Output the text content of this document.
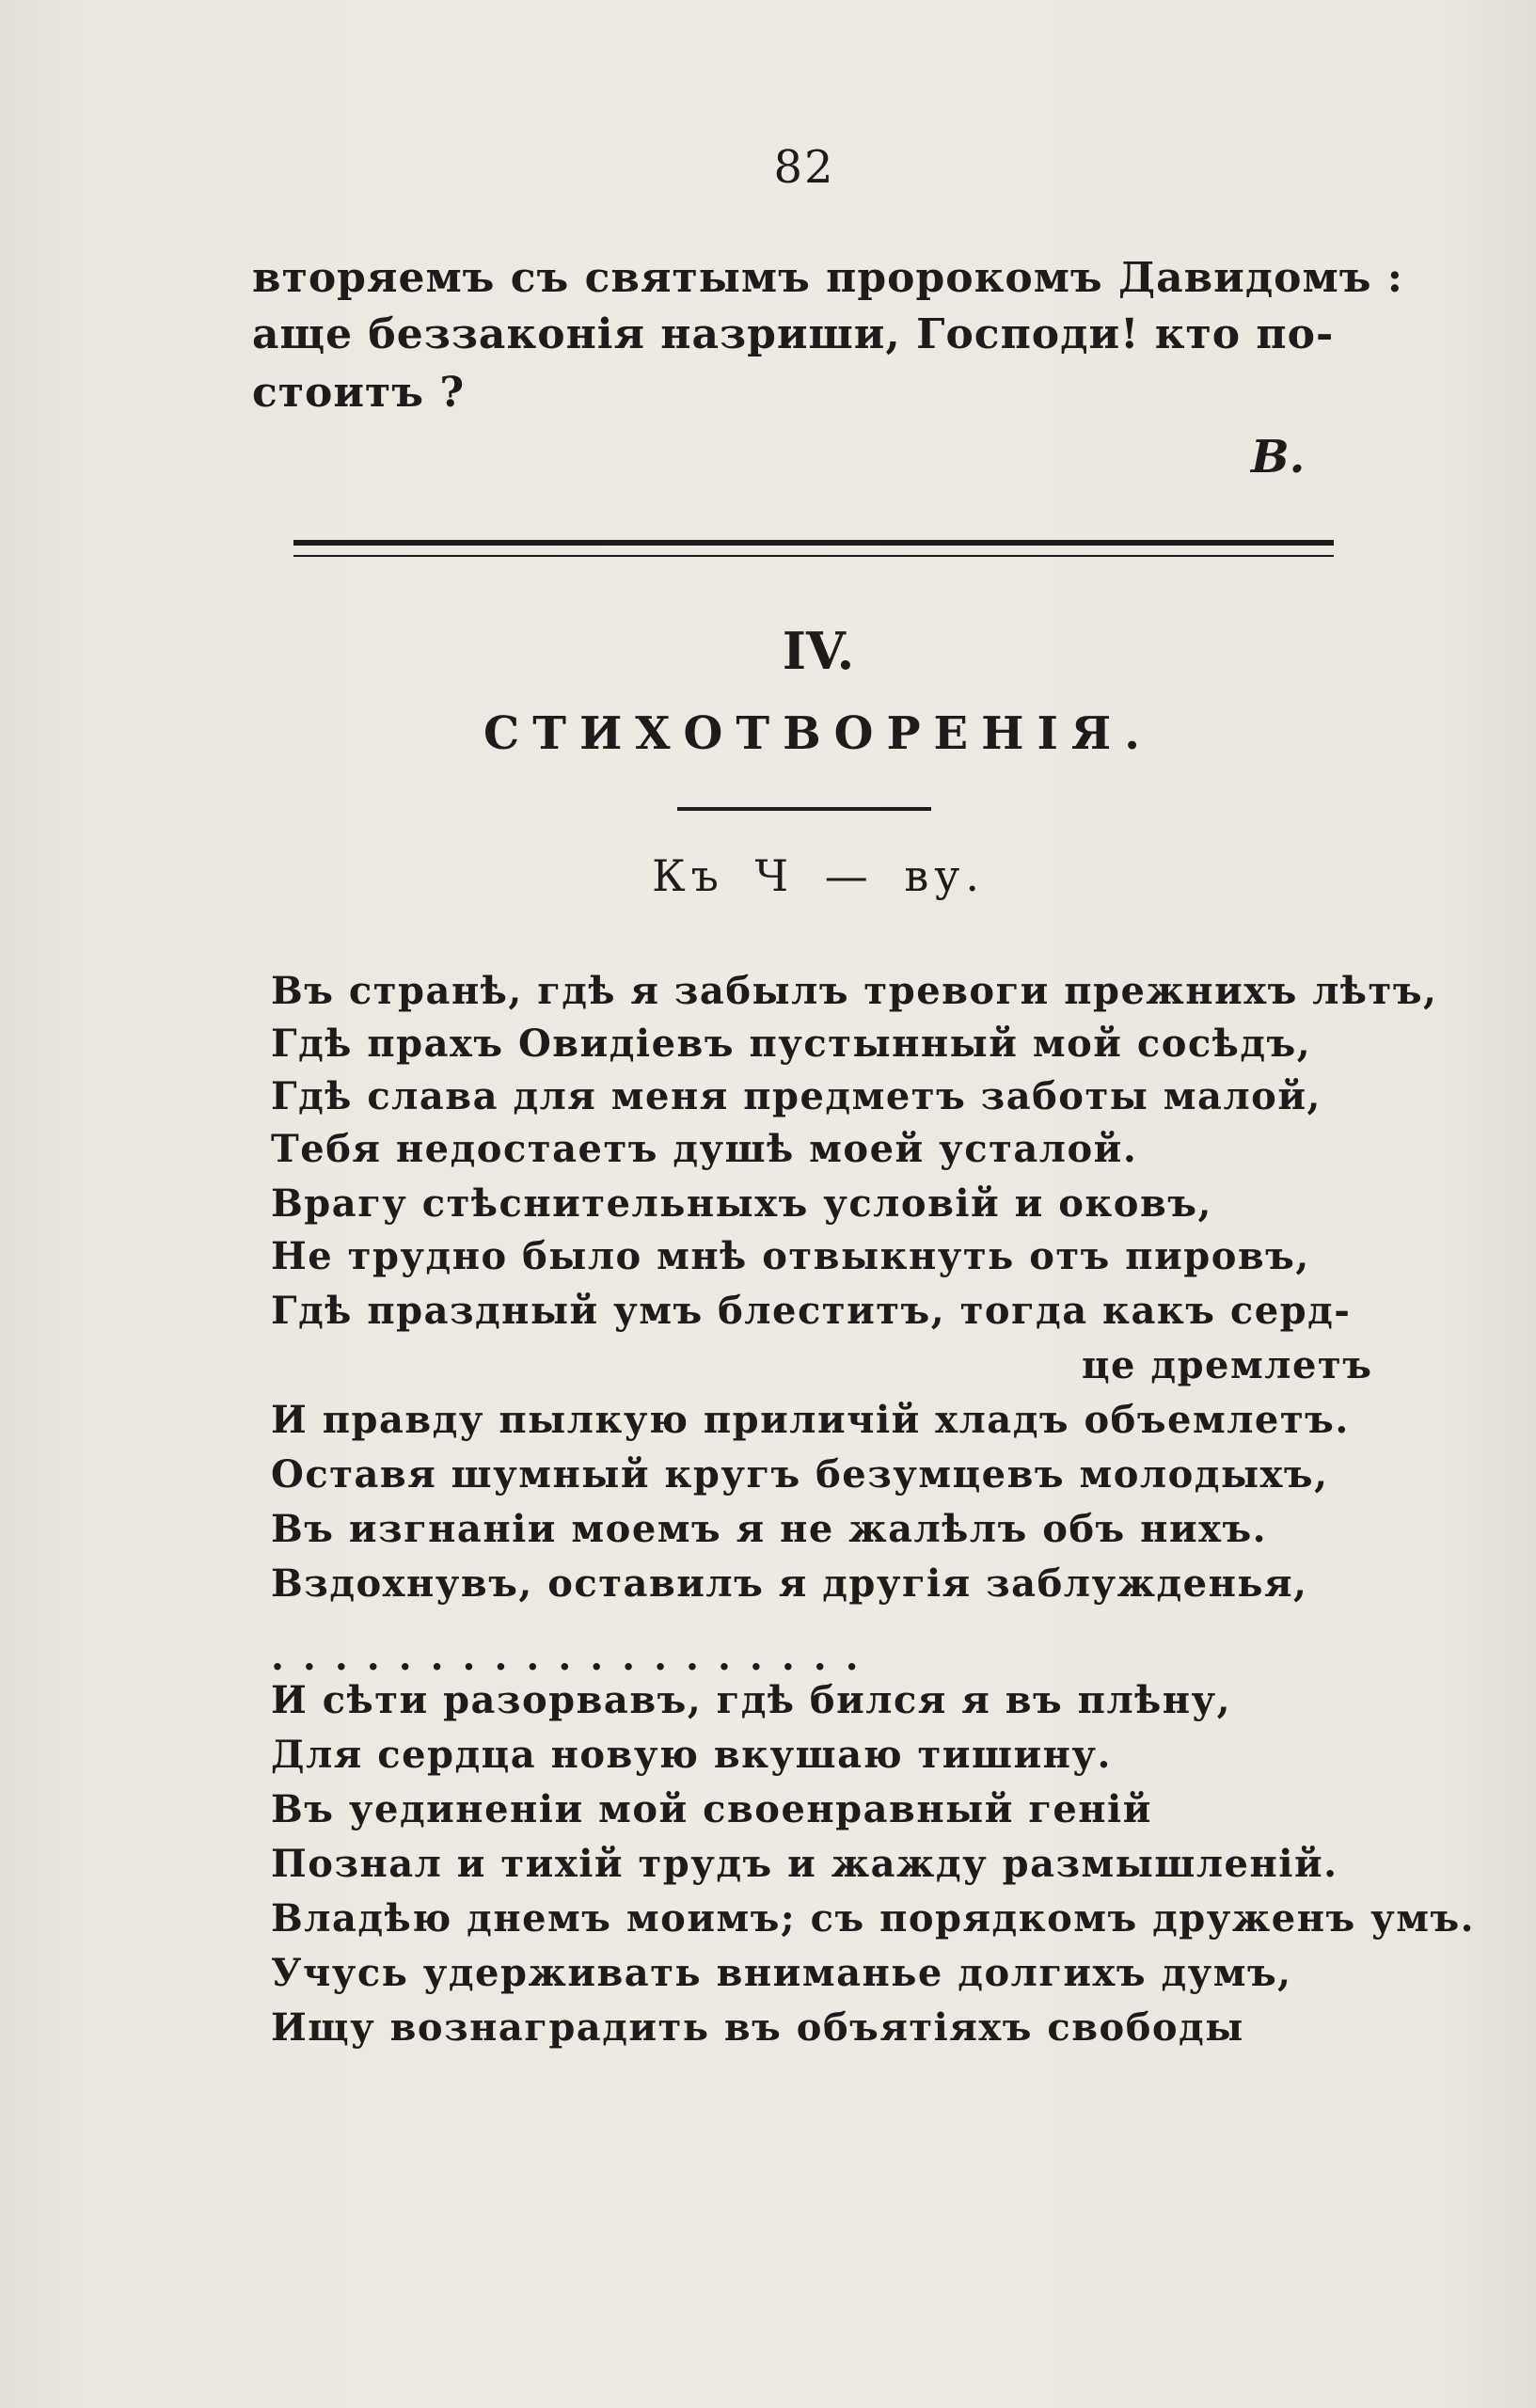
82
вторяемъ съ святымъ пророкомъ Давидомъ :
аще беззаконія назриши, Господи! кто по-
стоитъ ?
В.
IV.
СТИХОТВОРЕНІЯ.
Къ Ч — ву.
Въ странѣ, гдѣ я забылъ тревоги прежнихъ лѣтъ,
Гдѣ прахъ Овидіевъ пустынный мой сосѣдъ,
Гдѣ слава для меня предметъ заботы малой,
Тебя недостаетъ душѣ моей усталой.
Врагу стѣснительныхъ условій и оковъ,
Не трудно было мнѣ отвыкнуть отъ пировъ,
Гдѣ праздный умъ блеститъ, тогда какъ серд-
це дремлетъ
И правду пылкую приличій хладъ объемлетъ.
Оставя шумный кругъ безумцевъ молодыхъ,
Въ изгнаніи моемъ я не жалѣлъ объ нихъ.
Вздохнувъ, оставилъ я другія заблужденья,
...................
И сѣти разорвавъ, гдѣ бился я въ плѣну,
Для сердца новую вкушаю тишину.
Въ уединеніи мой своенравный геній
Познал и тихій трудъ и жажду размышленій.
Владѣю днемъ моимъ; съ порядкомъ друженъ умъ.
Учусь удерживать вниманье долгихъ думъ,
Ищу вознаградить въ объятіяхъ свободы
